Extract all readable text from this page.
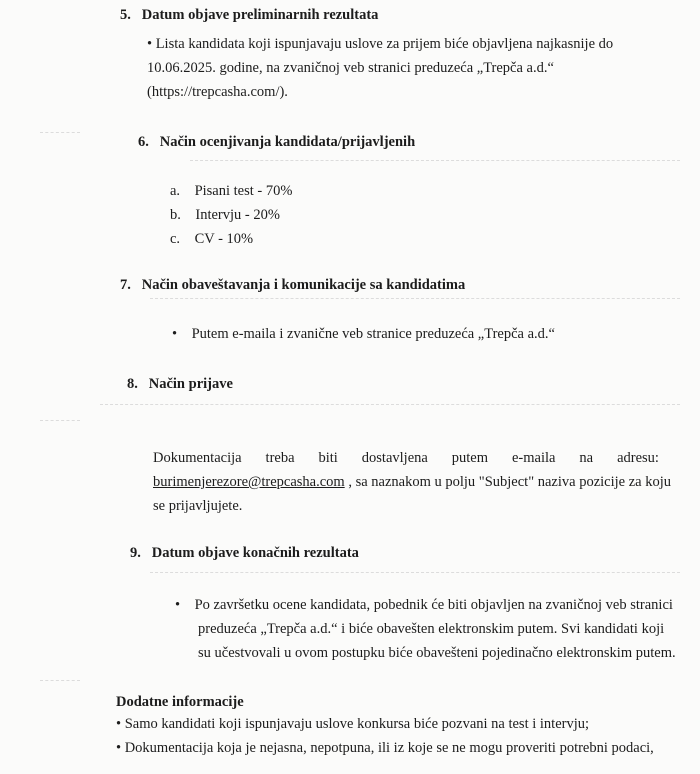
5. Datum objave preliminarnih rezultata
• Lista kandidata koji ispunjavaju uslove za prijem biće objavljena najkasnije do
10.06.2025. godine, na zvaničnoj veb stranici preduzeća „Trepča a.d.“
(https://trepcasha.com/).
6. Način ocenjivanja kandidata/prijavljenih
a. Pisani test - 70%
b. Intervju - 20%
c. CV - 10%
7. Način obaveštavanja i komunikacije sa kandidatima
• Putem e-maila i zvanične veb stranice preduzeća „Trepča a.d.“
8. Način prijave
Dokumentacija treba biti dostavljena putem e-maila na adresu:
burimenjerezore@trepcasha.com , sa naznakom u polju "Subject" naziva pozicije za koju
se prijavljujete.
9. Datum objave konačnih rezultata
• Po završetku ocene kandidata, pobednik će biti objavljen na zvaničnoj veb stranici
preduzeća „Trepča a.d.“ i biće obavešten elektronskim putem. Svi kandidati koji
su učestvovali u ovom postupku biće obavešteni pojedinačno elektronskim putem.
Dodatne informacije
• Samo kandidati koji ispunjavaju uslove konkursa biće pozvani na test i intervju;
• Dokumentacija koja je nejasna, nepotpuna, ili iz koje se ne mogu proveriti potrebni podaci,
